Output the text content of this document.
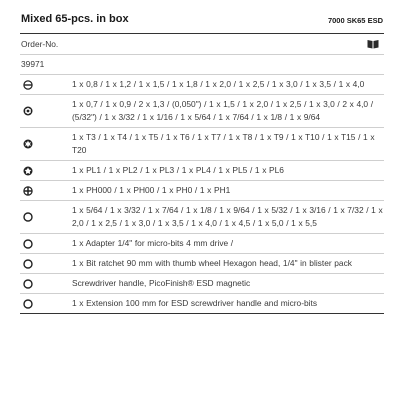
Mixed 65-pcs. in box	7000 SK65 ESD
Order-No.
39971
1 x 0,8 / 1 x 1,2 / 1 x 1,5 / 1 x 1,8 / 1 x 2,0 / 1 x 2,5 / 1 x 3,0 / 1 x 3,5 / 1 x 4,0
1 x 0,7 / 1 x 0,9 / 2 x 1,3 / (0,050") / 1 x 1,5 / 1 x 2,0 / 1 x 2,5 / 1 x 3,0 / 2 x 4,0 / (5/32") / 1 x 3/32 / 1 x 1/16 / 1 x 5/64 / 1 x 7/64 / 1 x 1/8 / 1 x 9/64
1 x T3 / 1 x T4 / 1 x T5 / 1 x T6 / 1 x T7 / 1 x T8 / 1 x T9 / 1 x T10 / 1 x T15 / 1 x T20
1 x PL1 / 1 x PL2 / 1 x PL3 / 1 x PL4 / 1 x PL5 / 1 x PL6
1 x PH000 / 1 x PH00 / 1 x PH0 / 1 x PH1
1 x 5/64 / 1 x 3/32 / 1 x 7/64 / 1 x 1/8 / 1 x 9/64 / 1 x 5/32 / 1 x 3/16 / 1 x 7/32 / 1 x 2,0 / 1 x 2,5 / 1 x 3,0 / 1 x 3,5 / 1 x 4,0 / 1 x 4,5 / 1 x 5,0 / 1 x 5,5
1 x Adapter 1/4" for micro-bits 4 mm drive /
1 x Bit ratchet 90 mm with thumb wheel Hexagon head, 1/4" in blister pack
Screwdriver handle, PicoFinish® ESD magnetic
1 x Extension 100 mm for ESD screwdriver handle and micro-bits
